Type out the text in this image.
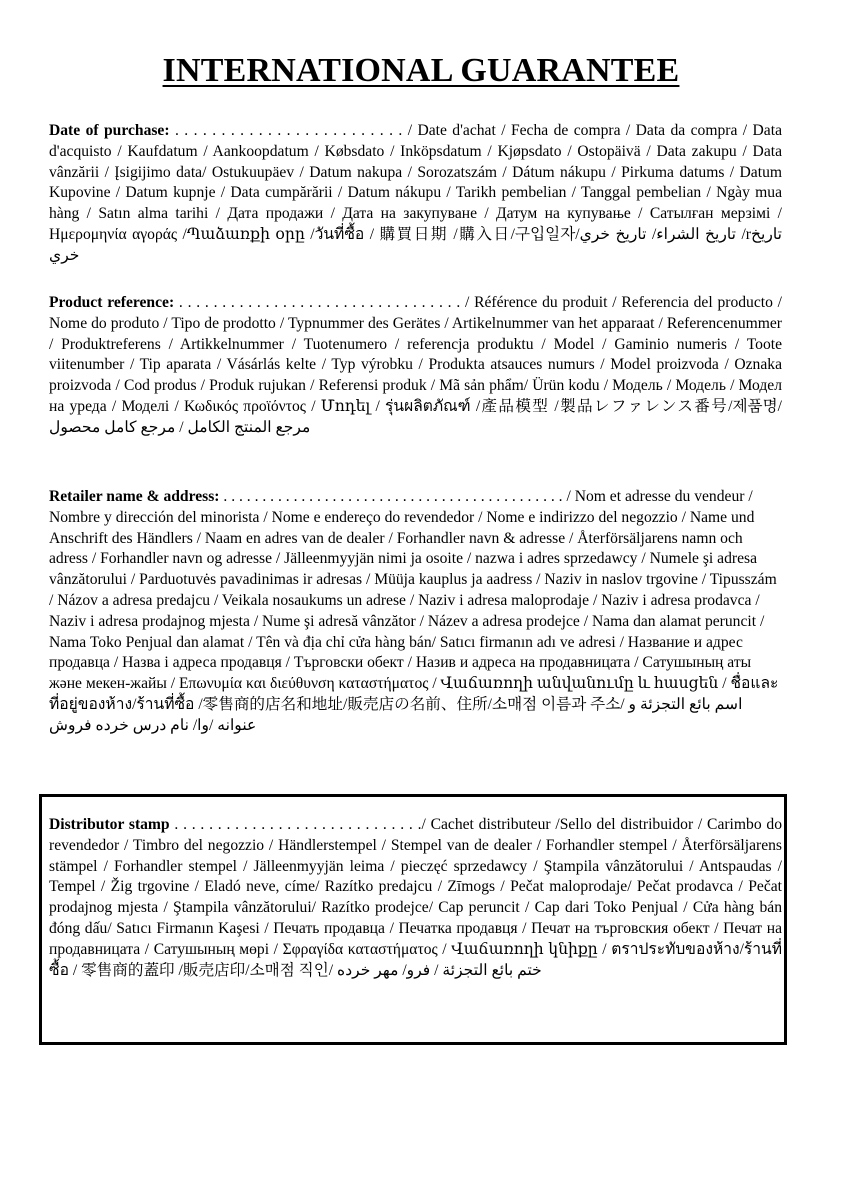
INTERNATIONAL GUARANTEE
Date of purchase: . . . . . . . . . . . . . . . . . . . . . . . . . / Date d'achat / Fecha de compra / Data da compra / Data d'acquisto / Kaufdatum / Aankoopdatum / Købsdato / Inköpsdatum / Kjøpsdato / Ostopäivä / Data zakupu / Data vânzării / Įsigijimo data/ Ostukuupäev / Datum nakupa / Sorozatszám / Dátum nákupu / Pirkuma datums / Datum Kupovine / Datum kupnje / Data cumpărării / Datum nákupu / Tarikh pembelian / Tanggal pembelian / Ngày mua hàng / Satın alma tarihi / Дата продажи / Дата на закупуване / Датум на купување / Сатылған мерзімі / Ημερομηνία αγοράς /Պաձառքի օրը /วันที่ซื้อ / 購買日期 /購入日/구입일자/تاريخ الشراء/ تاريخ خري /rتاريخ خري
Product reference: . . . . . . . . . . . . . . . . . . . . . . . . . . . . . . . . . / Référence du produit / Referencia del producto / Nome do produto / Tipo de prodotto / Typnummer des Gerätes / Artikelnummer van het apparaat / Referencenummer / Produktreferens / Artikkelnummer / Tuotenumero / referencja produktu / Model / Gaminio numeris / Toote viitenumber / Tip aparata / Vásárlás kelte / Typ výrobku / Produkta atsauces numurs / Model proizvoda / Oznaka proizvoda / Cod produs / Produk rujukan / Referensi produk / Mã sản phẩm/ Ürün kodu / Модель / Модель / Модел на уреда / Моделі / Κωδικός προϊόντος / Մոդել / รุ่นผลิตภัณฑ์ /產品模型 /製品レファレンス番号/제품명/ مرجع المنتج الكامل / مرجع كامل محصول
Retailer name & address: . . . . . . . . . . . . . . . . . . . . . . . . . . . . . . . . . . . . . . . . . . . . / Nom et adresse du vendeur / Nombre y dirección del minorista / Nome e endereço do revendedor / Nome e indirizzo del negozzio / Name und Anschrift des Händlers / Naam en adres van de dealer / Forhandler navn & adresse / Återförsäljarens namn och adress / Forhandler navn og adresse / Jälleenmyyjän nimi ja osoite / nazwa i adres sprzedawcy / Numele şi adresa vânzătorului / Parduotuvės pavadinimas ir adresas / Müüja kauplus ja aadress / Naziv in naslov trgovine / Tipusszám / Názov a adresa predajcu / Veikala nosaukums un adrese / Naziv i adresa maloprodaje / Naziv i adresa prodavca / Naziv i adresa prodajnog mjesta / Nume şi adresă vânzător / Název a adresa prodejce / Nama dan alamat peruncit / Nama Toko Penjual dan alamat / Tên và địa chỉ cửa hàng bán/ Satıcı firmanın adı ve adresi / Название и адрес продавца / Назва і адреса продавця / Търговски обект / Назив и адреса на продавницата / Сатушының аты және мекен-жайы / Επωνυμία και διεύθυνση καταστήματος / Վաճառողի անվանումը և հասցեն / ชื่อและที่อยู่ของห้าง/ร้านที่ซื้อ /零售商的店名和地址/販売店の名前、住所/소매점 이름과 주소/ اسم بائع التجزئة و عنوانه /وا/ نام درس خرده فروش
Distributor stamp . . . . . . . . . . . . . . . . . . . . . . . . . . . . ./ Cachet distributeur /Sello del distribuidor / Carimbo do revendedor / Timbro del negozzio / Händlerstempel / Stempel van de dealer / Forhandler stempel / Återförsäljarens stämpel / Forhandler stempel / Jälleenmyyjän leima / pieczęć sprzedawcy / Ştampila vânzătorului / Antspaudas / Tempel / Žig trgovine / Eladó neve, címe/ Razítko predajcu / Zīmogs / Pečat maloprodaje/ Pečat prodavca / Pečat prodajnog mjesta / Ştampila vânzătorului/ Razítko prodejce/ Cap peruncit / Cap dari Toko Penjual / Cửa hàng bán đóng dấu/ Satıcı Firmanın Kaşesi / Печать продавца / Печатка продавця / Печат на търговския обект / Печат на продавницата / Сатушының мөрі / Σφραγίδα καταστήματος / Վաճառողի կնիքը / ตราประทับของห้าง/ร้านที่ซื้อ / 零售商的蓋印 /販売店印/소매점 직인/ ختم بائع التجزئة / فرو/ مهر خرده
